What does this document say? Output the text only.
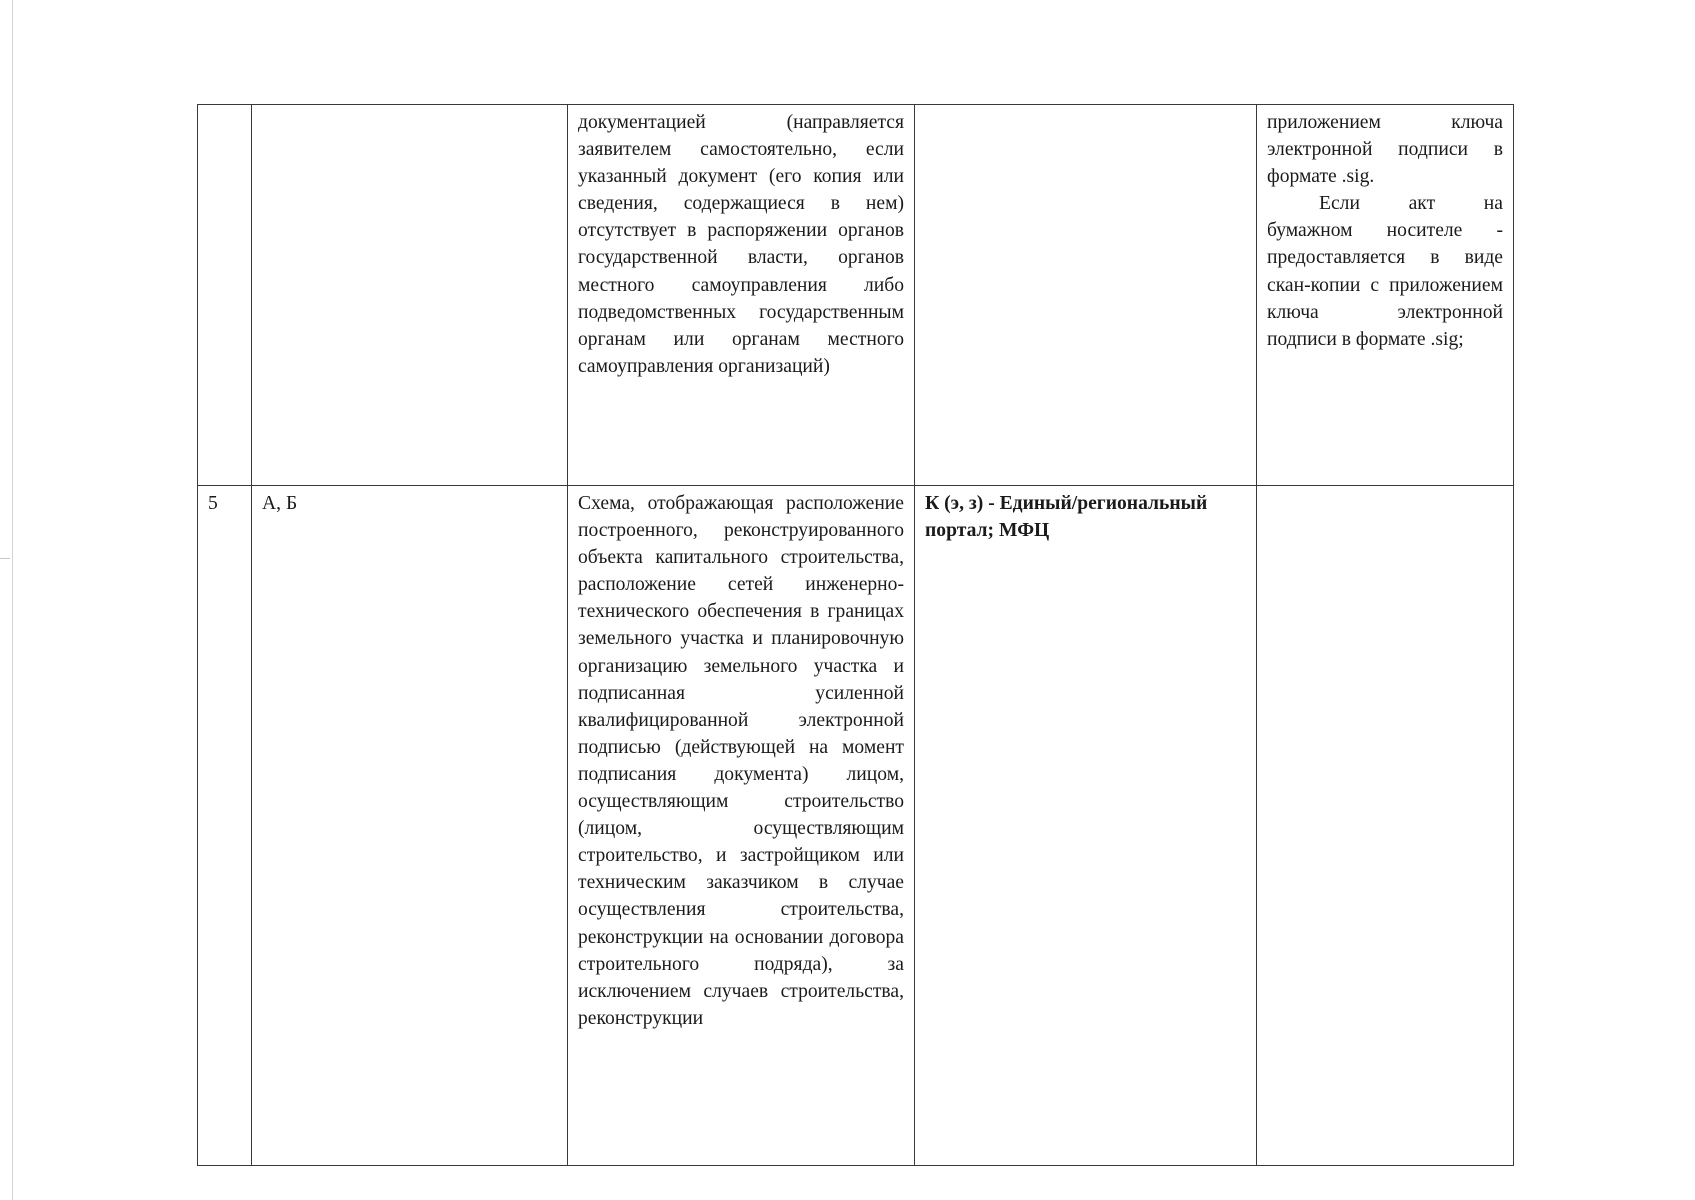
		документацией (направляется заявителем самостоятельно, если указанный документ (его копия или сведения, содержащиеся в нем) отсутствует в распоряжении органов государственной власти, органов местного самоуправления либо подведомственных государственным органам или органам местного самоуправления организаций)		приложением ключа электронной подписи в формате .sig.
Если акт на бумажном носителе - предоставляется в виде скан-копии с приложением ключа электронной подписи в формате .sig;

5	А, Б	Схема, отображающая расположение построенного, реконструированного объекта капитального строительства, расположение сетей инженерно-технического обеспечения в границах земельного участка и планировочную организацию земельного участка и подписанная усиленной квалифицированной электронной подписью (действующей на момент подписания документа) лицом, осуществляющим строительство (лицом, осуществляющим строительство, и застройщиком или техническим заказчиком в случае осуществления строительства, реконструкции на основании договора строительного подряда), за исключением случаев строительства, реконструкции	К (э, з) - Единый/региональный портал; МФЦ	
